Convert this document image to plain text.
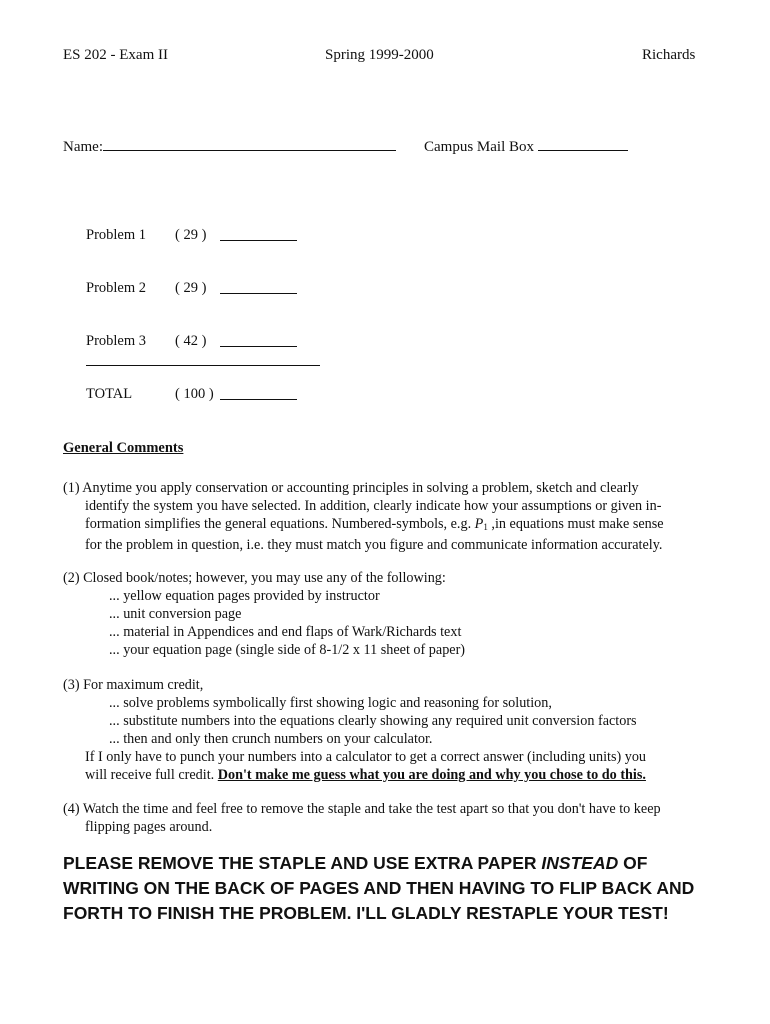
ES 202 - Exam II	Spring 1999-2000	Richards
Name:	Campus Mail Box
Problem 1 ( 29 )
Problem 2 ( 29 )
Problem 3 ( 42 )
TOTAL	( 100 )
General Comments
(1) Anytime you apply conservation or accounting principles in solving a problem, sketch and clearly
identify the system you have selected. In addition, clearly indicate how your assumptions or given in-
formation simplifies the general equations. Numbered-symbols, e.g. $P_1$ ,in equations must make sense
for the problem in question, i.e. they must match you figure and communicate information accurately.
(2) Closed book/notes; however, you may use any of the following:
... yellow equation pages provided by instructor
... unit conversion page
... material in Appendices and end flaps of Wark/Richards text
... your equation page (single side of 8-1/2 x 11 sheet of paper)
(3) For maximum credit,
... solve problems symbolically first showing logic and reasoning for solution,
... substitute numbers into the equations clearly showing any required unit conversion factors
... then and only then crunch numbers on your calculator.
If I only have to punch your numbers into a calculator to get a correct answer (including units) you
will receive full credit. Don't make me guess what you are doing and why you chose to do this.
(4) Watch the time and feel free to remove the staple and take the test apart so that you don't have to keep
flipping pages around.
PLEASE REMOVE THE STAPLE AND USE EXTRA PAPER INSTEAD OF
WRITING ON THE BACK OF PAGES AND THEN HAVING TO FLIP BACK AND
FORTH TO FINISH THE PROBLEM. I'LL GLADLY RESTAPLE YOUR TEST!
